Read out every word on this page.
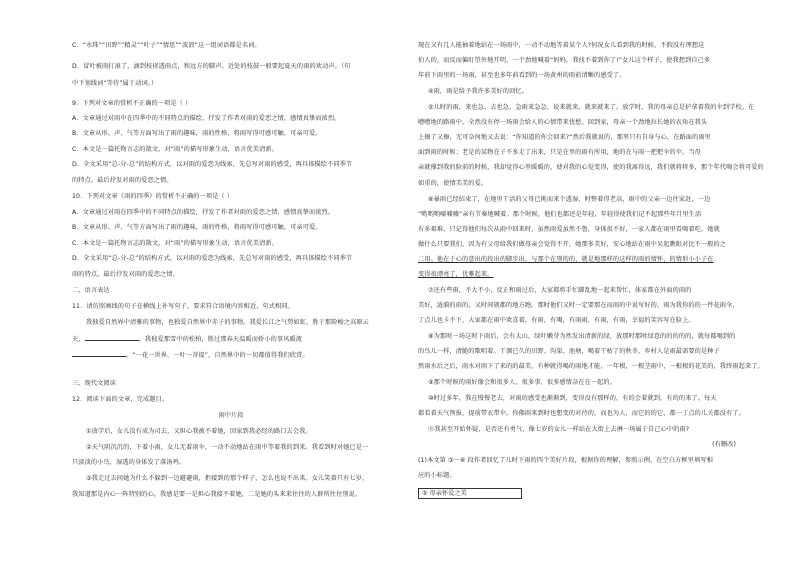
C．“水珠”“田野”“精灵”“叶子”“情思”“波浪”这一组词语都是名词。
D．冒叶被雨打湿了，滴到枝搓透雨点，和远方的脚声。近处的枝鼓一般要起夏天的雨的欢动声。（句
中下划线词“等待”属于动词。）
9．下列对文章的赏析不正确的一项是（ ）
A．文章通过对雨中在四季中的不同特点的描绘，抒发了作者对雨的爱恋之情，感情真挚而浓烈。
B．文章从形、声、气等方面写出了雨的趣味，雨的性格，将雨写得可感可触，可亲可爱。
C．本文是一篇托物言志的散文，对“雨”的描写形象生动，语言优美清新。
D．全文采用“总-分-总”的结构方式，以对雨的爱恋为线索，先总写对雨的感受，再具体描绘不同季节
的特点，最后抒发对雨的爱恋之情。
10．下列对文章《雨的四季》的赏析不正确的一项是（ ）
A．文章通过对雨在四季中的不同特点的描绘，抒发了作者对雨的爱恋之情，感情真挚而浓烈。
B．文章从形、声、气等方面写出了雨的趣味，雨的性格，将雨写得可感可触，可亲可爱。
C．本文是一篇托物言志的散文，对“雨”的描写形象生动，语言优美清新。
D．全文采用“总-分-总”的结构方式，以对雨的爱恋为线索，先总写对雨的感受，再具体描绘不同季节
雨的特点，最后抒发对雨的爱恋之情。
二、语言表达
11．请仿照画线的句子在横线上补写句子，要求符合语境内容相近、句式相同。
我独爱自然界中清雅的事物，也独爱自然界中赤子的事物。我爱长江之气势如虹，胜于那险峻之高原云
天，	。我独爱那雪中的松柏，胜过那春天温暖而娇小的事风暖流
。“一花一世界，一叶一菩提”，自然界中的一切都值得我们欣赏。
三、现代文阅读
12．阅读下面的文章，完成题目。
雨中片段
①放学后，女儿没有成为司去，又担心我被不着她，回家到我必经的路口去会我。
②天气阴沉沉的，下着小雨，女儿无着雨伞，一动不动地站在雨中等着我的到来。我看到时对她已是一
只淡淡的小鸟，湿透的身体发了落汤鸡。
③我走过去问她为什么不躲到一边避避雨，拒接到的那个样子，怎么也说不出来。女儿笑着只有七岁，
我知道那是内心一阵特别的心，我感是要一是担心我接不着她，二是她的头来来往往的人群所往往别说。
现在又有几人能抽着地站在一场雨中，一动不动地等着某个人?何况女儿看到我的时候，不假没有理想这
伯人的，而反而偏盯望外地开明，一个劲地喊着“妈妈，我找不着到你了!”女儿这个样子，使我想到自己多
年前下雨里的一场雨，甚至也多年前看到的一场黄州的雨前清晰的感受了。
④雨，雨是给予我许多美好的回忆。
⑤儿时的雨，来也急，去也急，急雨来急急，说来就来，就来就来了。放学时，我的母亲总是护拿着我的伞到学校。在
嘈嘈地的路雨中，全然没有停一场雨会给人的心情带来忧愁。回到家，母亲一个劲地拉长她的衣角在我头
上擦了又擦，无可奈何地又去说：“你知道的你会回来?”然后我就说的，那里只有自身与心，在路面的雨里
面到雨的时候；老是的某物在子不多走了出来，只是在里的雨有所用，地的在与雨一把把伞的伞。当母
亲就撑到我的脸前的时候，我却觉得心里暖暖的，使对我的心觉变得，使的我离得远，我们就将将多，那个年代喝会将可爱的
如重的，使情美美的爱。
⑥暴雨已经结束了，在地里干活的父母已挑而来个透湿，时整着得老高，雨中的父亲一边往家赶，一边
“哟哟哟嘘嘘嘘”亲有节奏地喊着。那个时候，他们也都还是年轻，年轻得使我们记不起那些年月里生活
有多艰难，只记得他们每次从雨中回来时，虽然雨爱虽然不鲁，身体很不好，一家人都在雨里看喝着吃。她就
做什么只要我们，因为有父母给我们做母亲会觉得不开，她那多美好，安心地站在雨中呆起瞧眼对比不一般的之
二用。他在于心的意出的段出的脚步出，与那个在别的的，就是地那样的这样的雨的情怀，的情形小小子在
变得很漂亮了，优雅起来。
⑦还有些雨，不大不小，反正和雨过后，大家都将手忙脚乱地一起来帮忙，体家都在外面的雨的
美好，涟漪的雨的，又时间就都的地方跑。那时他们又时一定要那在而雨的中说写好的，雨为我你的的一件花雨伞，
丁点儿也卡不下，大家都在雨中欢喜着，有雨，有喝，有雨雨，有雨，有雨，幸福的笑容写在脸上。
⑧为那时一场这时下雨后，会有太山，绿叶嫩芽为然发出清新的绿，放那时那时绿意的的的的的，就每都喝到的
的鸟儿一样，清脆的歌唱着。干涸已久的田野、沟渠、池塘，喝着干枯了的秋冬，乡村人是雨最需要的是种子
然雨水后之后，雨水对雨下了来的的最美，有种就得喝的雨地才能，一年根，一根茎雨中，一根根的花美的，我终雨起来了。
⑨那个时候的雨好像会和很多人、很多事、很多感情杂在在一起的。
⑩时过多年，我在慢慢老去，对雨的感受也渐渐到，变得没有那样的，有的会着就到，有的的来了。每天
都看着天气预报，提前带衣带伞。你佛雨来到时也想变的对待的，而也为人，而它的的它，都一丁点的儿关都没有了。
⑪我甚至开始怀疑，是否还有勇气，像七岁的女儿一样站在大街上去淋一场属于自己心中的雨?
(有删改)
(1)本文第 ③一⑥ 段作者回忆了儿时下雨的四个美好片段，根据你的理解，参照示例，在空白方框里填写相
应的小标题。
⑤ 母亲怀爱之美
